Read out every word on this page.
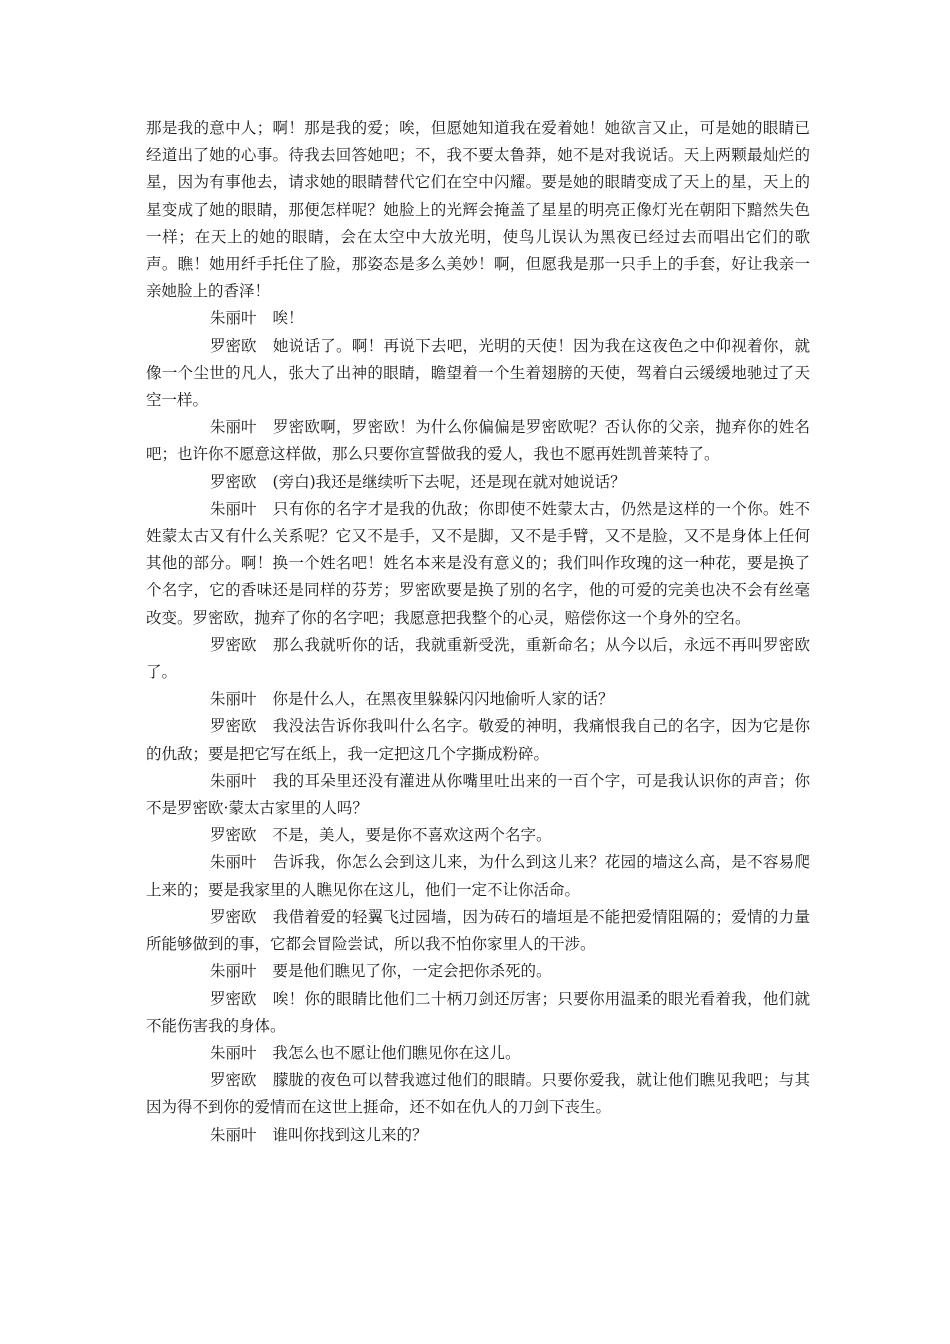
那是我的意中人；啊！那是我的爱；唉，但愿她知道我在爱着她！她欲言又止，可是她的眼睛已经道出了她的心事。待我去回答她吧；不，我不要太鲁莽，她不是对我说话。天上两颗最灿烂的星，因为有事他去，请求她的眼睛替代它们在空中闪耀。要是她的眼睛变成了天上的星，天上的星变成了她的眼睛，那便怎样呢？她脸上的光辉会掩盖了星星的明亮正像灯光在朝阳下黯然失色一样；在天上的她的眼睛，会在太空中大放光明，使鸟儿误认为黑夜已经过去而唱出它们的歌声。瞧！她用纤手托住了脸，那姿态是多么美妙！啊，但愿我是那一只手上的手套，好让我亲一亲她脸上的香泽！

朱丽叶 唉！

罗密欧 她说话了。啊！再说下去吧，光明的天使！因为我在这夜色之中仰视着你，就像一个尘世的凡人，张大了出神的眼睛，瞻望着一个生着翅膀的天使，驾着白云缓缓地驰过了天空一样。

朱丽叶 罗密欧啊，罗密欧！为什么你偏偏是罗密欧呢？否认你的父亲，抛弃你的姓名吧；也许你不愿意这样做，那么只要你宣誓做我的爱人，我也不愿再姓凯普莱特了。

罗密欧 (旁白)我还是继续听下去呢，还是现在就对她说话？

朱丽叶 只有你的名字才是我的仇敌；你即使不姓蒙太古，仍然是这样的一个你。姓不姓蒙太古又有什么关系呢？它又不是手，又不是脚，又不是手臂，又不是脸，又不是身体上任何其他的部分。啊！换一个姓名吧！姓名本来是没有意义的；我们叫作玫瑰的这一种花，要是换了个名字，它的香味还是同样的芬芳；罗密欧要是换了别的名字，他的可爱的完美也决不会有丝毫改变。罗密欧，抛弃了你的名字吧；我愿意把我整个的心灵，赔偿你这一个身外的空名。

罗密欧 那么我就听你的话，我就重新受洗，重新命名；从今以后，永远不再叫罗密欧了。

朱丽叶 你是什么人，在黑夜里躲躲闪闪地偷听人家的话？

罗密欧 我没法告诉你我叫什么名字。敬爱的神明，我痛恨我自己的名字，因为它是你的仇敌；要是把它写在纸上，我一定把这几个字撕成粉碎。

朱丽叶 我的耳朵里还没有灌进从你嘴里吐出来的一百个字，可是我认识你的声音；你不是罗密欧·蒙太古家里的人吗？

罗密欧 不是，美人，要是你不喜欢这两个名字。

朱丽叶 告诉我，你怎么会到这儿来，为什么到这儿来？花园的墙这么高，是不容易爬上来的；要是我家里的人瞧见你在这儿，他们一定不让你活命。

罗密欧 我借着爱的轻翼飞过园墙，因为砖石的墙垣是不能把爱情阻隔的；爱情的力量所能够做到的事，它都会冒险尝试，所以我不怕你家里人的干涉。

朱丽叶 要是他们瞧见了你，一定会把你杀死的。

罗密欧 唉！你的眼睛比他们二十柄刀剑还厉害；只要你用温柔的眼光看着我，他们就不能伤害我的身体。

朱丽叶 我怎么也不愿让他们瞧见你在这儿。

罗密欧 朦胧的夜色可以替我遮过他们的眼睛。只要你爱我，就让他们瞧见我吧；与其因为得不到你的爱情而在这世上捱命，还不如在仇人的刀剑下丧生。

朱丽叶 谁叫你找到这儿来的？
